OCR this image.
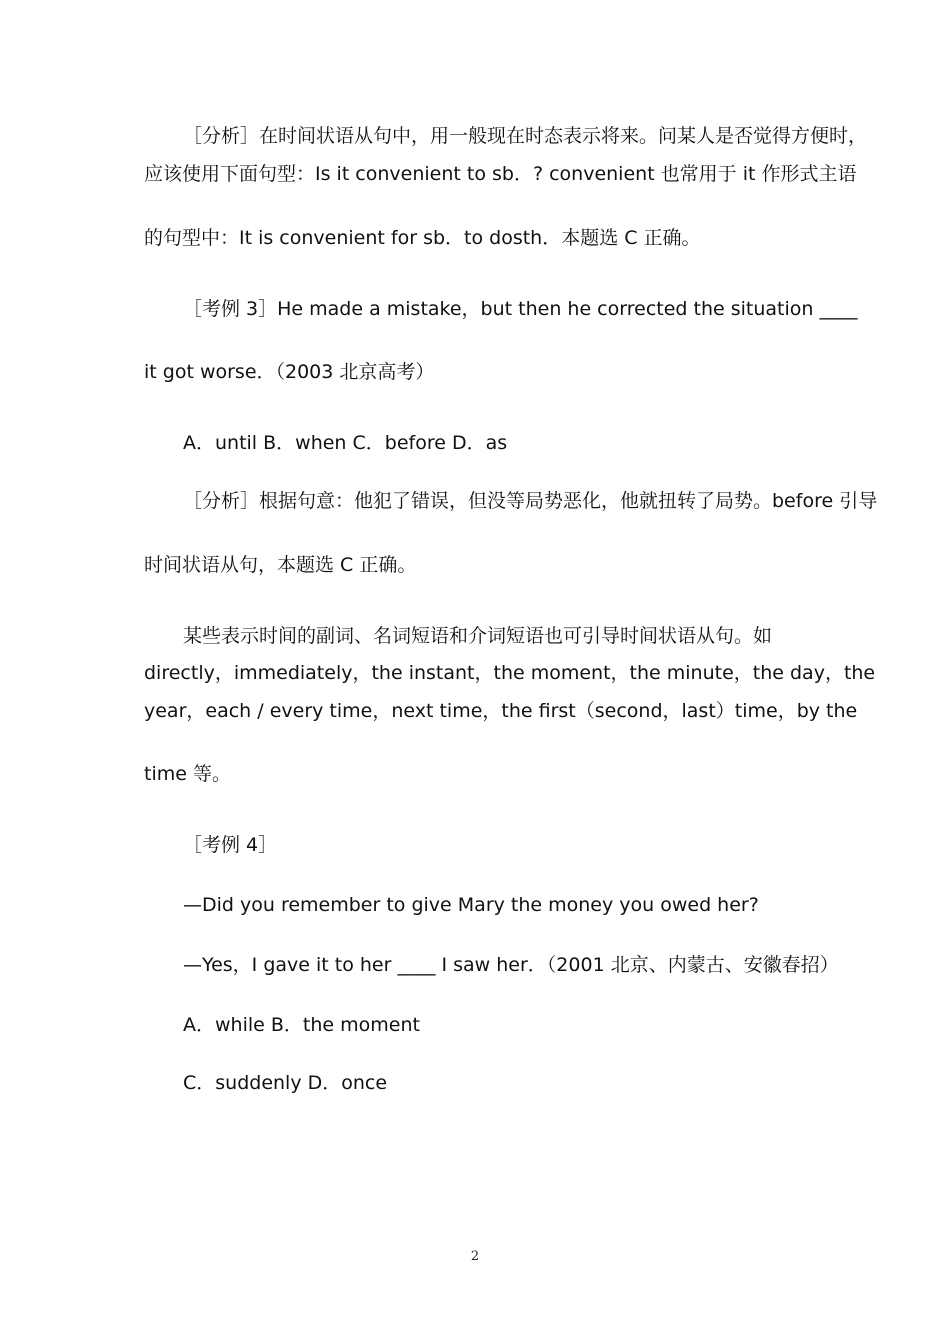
［分析］在时间状语从句中，用一般现在时态表示将来。问某人是否觉得方便时，
应该使用下面句型：Is it convenient to sb．? convenient 也常用于 it 作形式主语
的句型中：It is convenient for sb．to dosth．本题选 C 正确。
［考例 3］He made a mistake，but then he corrected the situation ____
it got worse．（2003 北京高考）
A．until B．when C．before D．as
［分析］根据句意：他犯了错误，但没等局势恶化，他就扭转了局势。before 引导
时间状语从句，本题选 C 正确。
某些表示时间的副词、名词短语和介词短语也可引导时间状语从句。如
directly，immediately，the instant，the moment，the minute，the day，the
year，each / every time，next time，the first（second，last）time，by the
time 等。
［考例 4］
—Did you remember to give Mary the money you owed her?
—Yes，I gave it to her ____ I saw her．（2001 北京、内蒙古、安徽春招）
A．while B．the moment
C．suddenly D．once
2
